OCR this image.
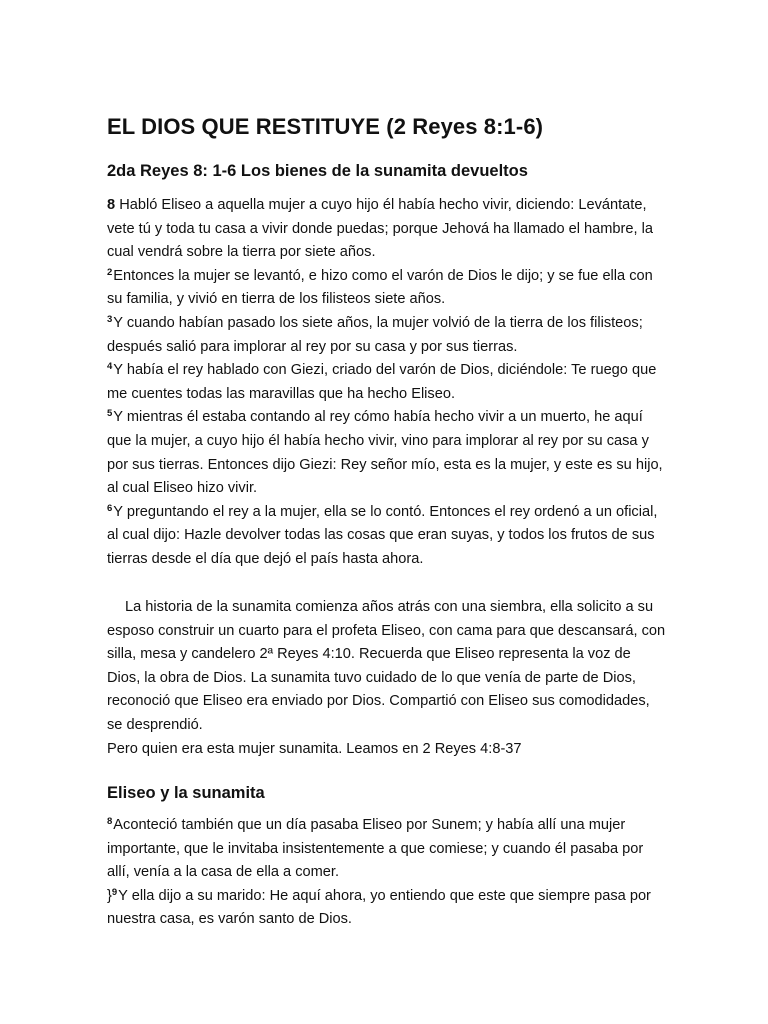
EL DIOS QUE RESTITUYE (2 Reyes 8:1-6)
2da Reyes 8: 1-6 Los bienes de la sunamita devueltos

8 Habló Eliseo a aquella mujer a cuyo hijo él había hecho vivir, diciendo: Levántate, vete tú y toda tu casa a vivir donde puedas; porque Jehová ha llamado el hambre, la cual vendrá sobre la tierra por siete años.

$^2$Entonces la mujer se levantó, e hizo como el varón de Dios le dijo; y se fue ella con su familia, y vivió en tierra de los filisteos siete años.

$^3$Y cuando habían pasado los siete años, la mujer volvió de la tierra de los filisteos; después salió para implorar al rey por su casa y por sus tierras.

$^4$Y había el rey hablado con Giezi, criado del varón de Dios, diciéndole: Te ruego que me cuentes todas las maravillas que ha hecho Eliseo.

$^5$Y mientras él estaba contando al rey cómo había hecho vivir a un muerto, he aquí que la mujer, a cuyo hijo él había hecho vivir, vino para implorar al rey por su casa y por sus tierras. Entonces dijo Giezi: Rey señor mío, esta es la mujer, y este es su hijo, al cual Eliseo hizo vivir.

$^6$Y preguntando el rey a la mujer, ella se lo contó. Entonces el rey ordenó a un oficial, al cual dijo: Hazle devolver todas las cosas que eran suyas, y todos los frutos de sus tierras desde el día que dejó el país hasta ahora.

La historia de la sunamita comienza años atrás con una siembra, ella solicito a su esposo construir un cuarto para el profeta Eliseo, con cama para que descansará, con silla, mesa y candelero 2ª Reyes 4:10. Recuerda que Eliseo representa la voz de Dios, la obra de Dios. La sunamita tuvo cuidado de lo que venía de parte de Dios, reconoció que Eliseo era enviado por Dios. Compartió con Eliseo sus comodidades, se desprendió.

Pero quien era esta mujer sunamita. Leamos en 2 Reyes 4:8-37

Eliseo y la sunamita

$^8$Aconteció también que un día pasaba Eliseo por Sunem; y había allí una mujer importante, que le invitaba insistentemente a que comiese; y cuando él pasaba por allí, venía a la casa de ella a comer.

}$^9$Y ella dijo a su marido: He aquí ahora, yo entiendo que este que siempre pasa por nuestra casa, es varón santo de Dios.
